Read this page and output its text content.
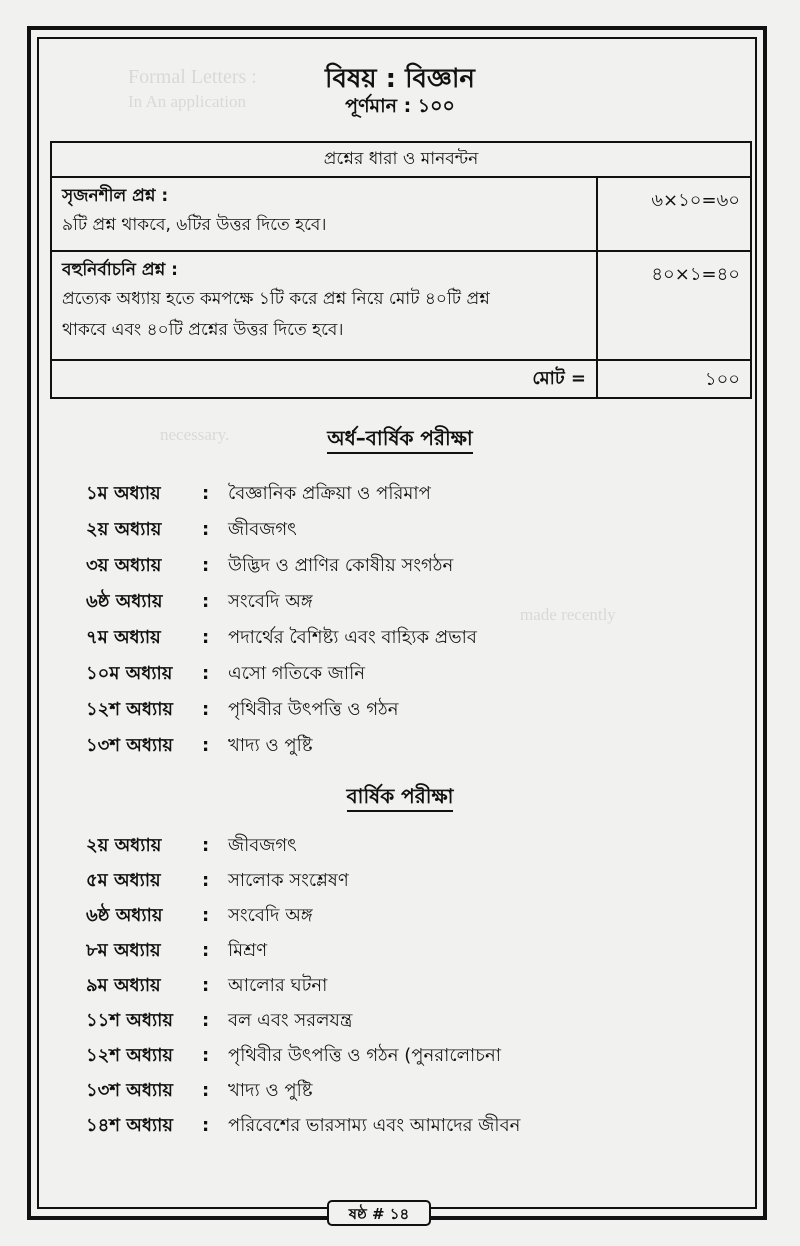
Formal Letters :
In An application
necessary.
made recently
বিষয় : বিজ্ঞান
পূর্ণমান : ১০০
প্রশ্নের ধারা ও মানবন্টন
সৃজনশীল প্রশ্ন :
৯টি প্রশ্ন থাকবে, ৬টির উত্তর দিতে হবে।
৬×১০=৬০
বহুনির্বাচনি প্রশ্ন :
প্রত্যেক অধ্যায় হতে কমপক্ষে ১টি করে প্রশ্ন নিয়ে মোট ৪০টি প্রশ্ন
থাকবে এবং ৪০টি প্রশ্নের উত্তর দিতে হবে।
৪০×১=৪০
মোট =	১০০
অর্ধ–বার্ষিক পরীক্ষা
১ম অধ্যায় : বৈজ্ঞানিক প্রক্রিয়া ও পরিমাপ
২য় অধ্যায় : জীবজগৎ
৩য় অধ্যায় : উদ্ভিদ ও প্রাণির কোষীয় সংগঠন
৬ষ্ঠ অধ্যায় : সংবেদি অঙ্গ
৭ম অধ্যায় : পদার্থের বৈশিষ্ট্য এবং বাহ্যিক প্রভাব
১০ম অধ্যায় : এসো গতিকে জানি
১২শ অধ্যায় : পৃথিবীর উৎপত্তি ও গঠন
১৩শ অধ্যায় : খাদ্য ও পুষ্টি
বার্ষিক পরীক্ষা
২য় অধ্যায় : জীবজগৎ
৫ম অধ্যায় : সালোক সংশ্লেষণ
৬ষ্ঠ অধ্যায় : সংবেদি অঙ্গ
৮ম অধ্যায় : মিশ্রণ
৯ম অধ্যায় : আলোর ঘটনা
১১শ অধ্যায় : বল এবং সরলযন্ত্র
১২শ অধ্যায় : পৃথিবীর উৎপত্তি ও গঠন (পুনরালোচনা
১৩শ অধ্যায় : খাদ্য ও পুষ্টি
১৪শ অধ্যায় : পরিবেশের ভারসাম্য এবং আমাদের জীবন
ষষ্ঠ # ১৪
